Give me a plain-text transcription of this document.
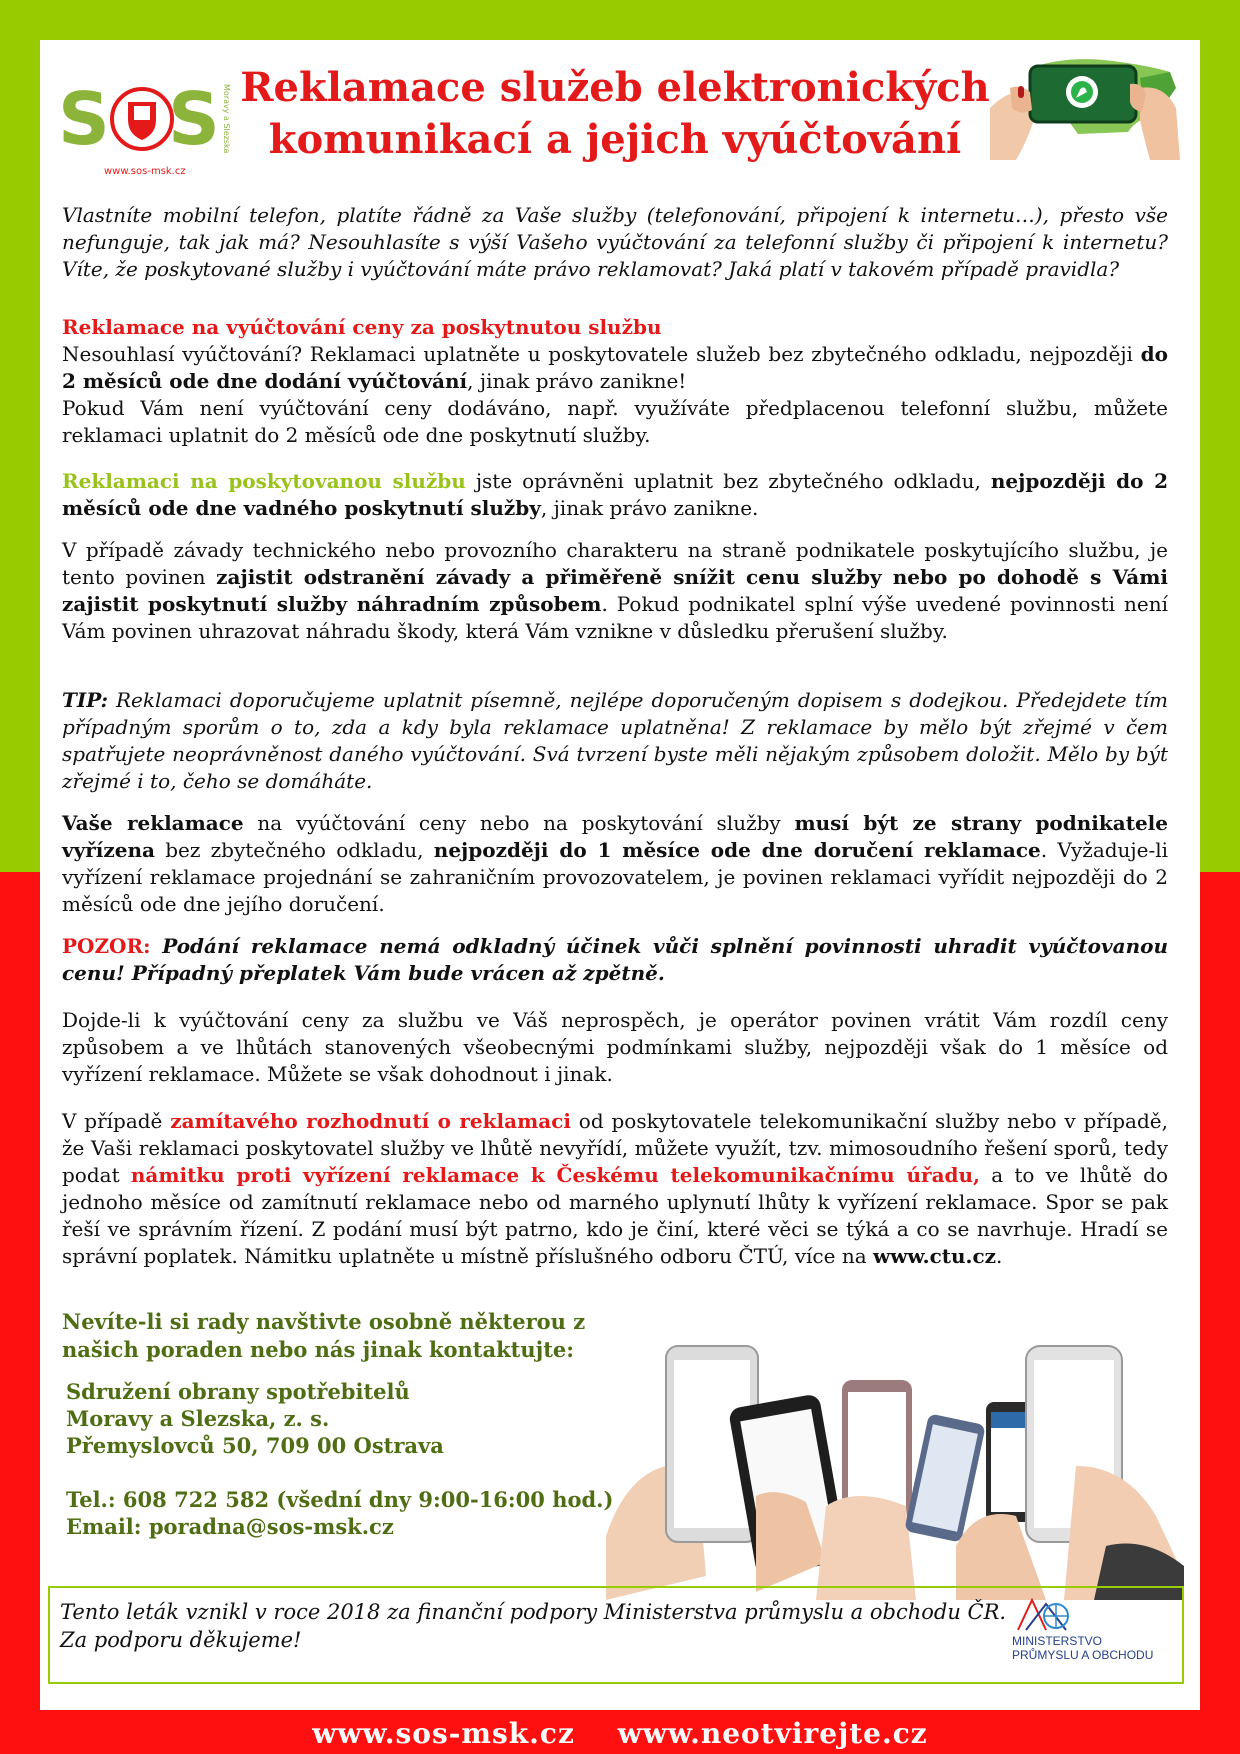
S S
www.sos-msk.cz
Moravy a Slezska Reklamace služeb elektronických
komunikací a jejich vyúčtování
Vlastníte mobilní telefon, platíte řádně za Vaše služby (telefonování, připojení k internetu…), přesto vše nefunguje, tak jak má? Nesouhlasíte s výší Vašeho vyúčtování za telefonní služby či připojení k internetu? Víte, že poskytované služby i vyúčtování máte právo reklamovat? Jaká platí v takovém případě pravidla?
Reklamace na vyúčtování ceny za poskytnutou službu
Nesouhlasí vyúčtování? Reklamaci uplatněte u poskytovatele služeb bez zbytečného odkladu, nejpozději do 2 měsíců ode dne dodání vyúčtování, jinak právo zanikne!
Pokud Vám není vyúčtování ceny dodáváno, např. využíváte předplacenou telefonní službu, můžete reklamaci uplatnit do 2 měsíců ode dne poskytnutí služby.
Reklamaci na poskytovanou službu jste oprávněni uplatnit bez zbytečného odkladu, nejpozději do 2 měsíců ode dne vadného poskytnutí služby, jinak právo zanikne.
V případě závady technického nebo provozního charakteru na straně podnikatele poskytujícího službu, je tento povinen zajistit odstranění závady a přiměřeně snížit cenu služby nebo po dohodě s Vámi zajistit poskytnutí služby náhradním způsobem. Pokud podnikatel splní výše uvedené povinnosti není Vám povinen uhrazovat náhradu škody, která Vám vznikne v důsledku přerušení služby.
TIP: Reklamaci doporučujeme uplatnit písemně, nejlépe doporučeným dopisem s dodejkou. Předejdete tím případným sporům o to, zda a kdy byla reklamace uplatněna! Z reklamace by mělo být zřejmé v čem spatřujete neoprávněnost daného vyúčtování. Svá tvrzení byste měli nějakým způsobem doložit. Mělo by být zřejmé i to, čeho se domáháte.
Vaše reklamace na vyúčtování ceny nebo na poskytování služby musí být ze strany podnikatele vyřízena bez zbytečného odkladu, nejpozději do 1 měsíce ode dne doručení reklamace. Vyžaduje-li vyřízení reklamace projednání se zahraničním provozovatelem, je povinen reklamaci vyřídit nejpozději do 2 měsíců ode dne jejího doručení.
POZOR: Podání reklamace nemá odkladný účinek vůči splnění povinnosti uhradit vyúčtovanou cenu! Případný přeplatek Vám bude vrácen až zpětně.
Dojde-li k vyúčtování ceny za službu ve Váš neprospěch, je operátor povinen vrátit Vám rozdíl ceny způsobem a ve lhůtách stanovených všeobecnými podmínkami služby, nejpozději však do 1 měsíce od vyřízení reklamace. Můžete se však dohodnout i jinak.
V případě zamítavého rozhodnutí o reklamaci od poskytovatele telekomunikační služby nebo v případě, že Vaši reklamaci poskytovatel služby ve lhůtě nevyřídí, můžete využít, tzv. mimosoudního řešení sporů, tedy podat námitku proti vyřízení reklamace k Českému telekomunikačnímu úřadu, a to ve lhůtě do jednoho měsíce od zamítnutí reklamace nebo od marného uplynutí lhůty k vyřízení reklamace. Spor se pak řeší ve správním řízení. Z podání musí být patrno, kdo je činí, které věci se týká a co se navrhuje. Hradí se správní poplatek. Námitku uplatněte u místně příslušného odboru ČTÚ, více na www.ctu.cz.
Nevíte-li si rady navštivte osobně některou z našich poraden nebo nás jinak kontaktujte:
Sdružení obrany spotřebitelů
Moravy a Slezska, z. s.
Přemyslovců 50, 709 00 Ostrava
Tel.: 608 722 582 (všední dny 9:00-16:00 hod.)
Email: poradna@sos-msk.cz
Tento leták vznikl v roce 2018 za finanční podpory Ministerstva průmyslu a obchodu ČR.
Za podporu děkujeme!	MINISTERSTVO
PRŮMYSLU A OBCHODU
www.sos-msk.cz www.neotvirejte.cz
